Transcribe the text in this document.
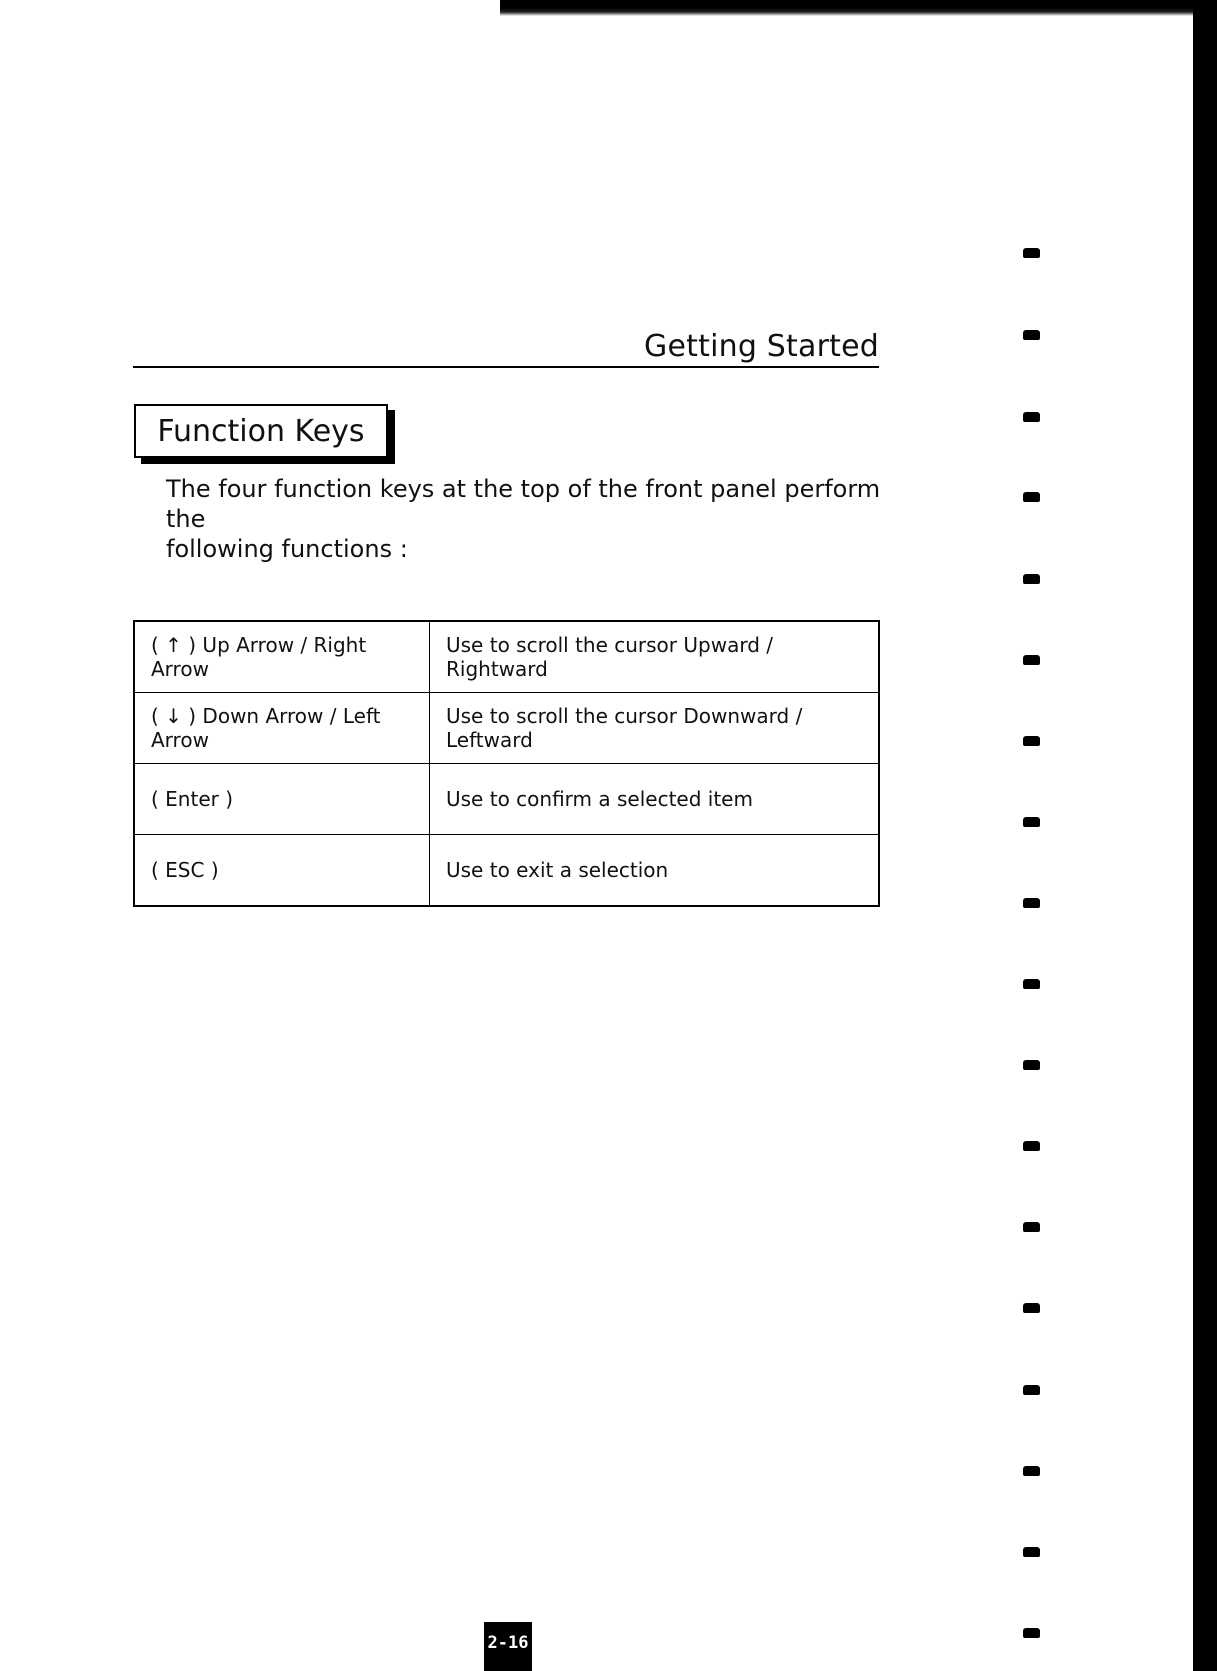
Getting Started
Function Keys
The four function keys at the top of the front panel perform the
following functions :
( ↑ ) Up Arrow / Right Arrow	Use to scroll the cursor Upward / Rightward
( ↓ ) Down Arrow / Left Arrow	Use to scroll the cursor Downward / Leftward
( Enter )	Use to confirm a selected item
( ESC )	Use to exit a selection
2-16
